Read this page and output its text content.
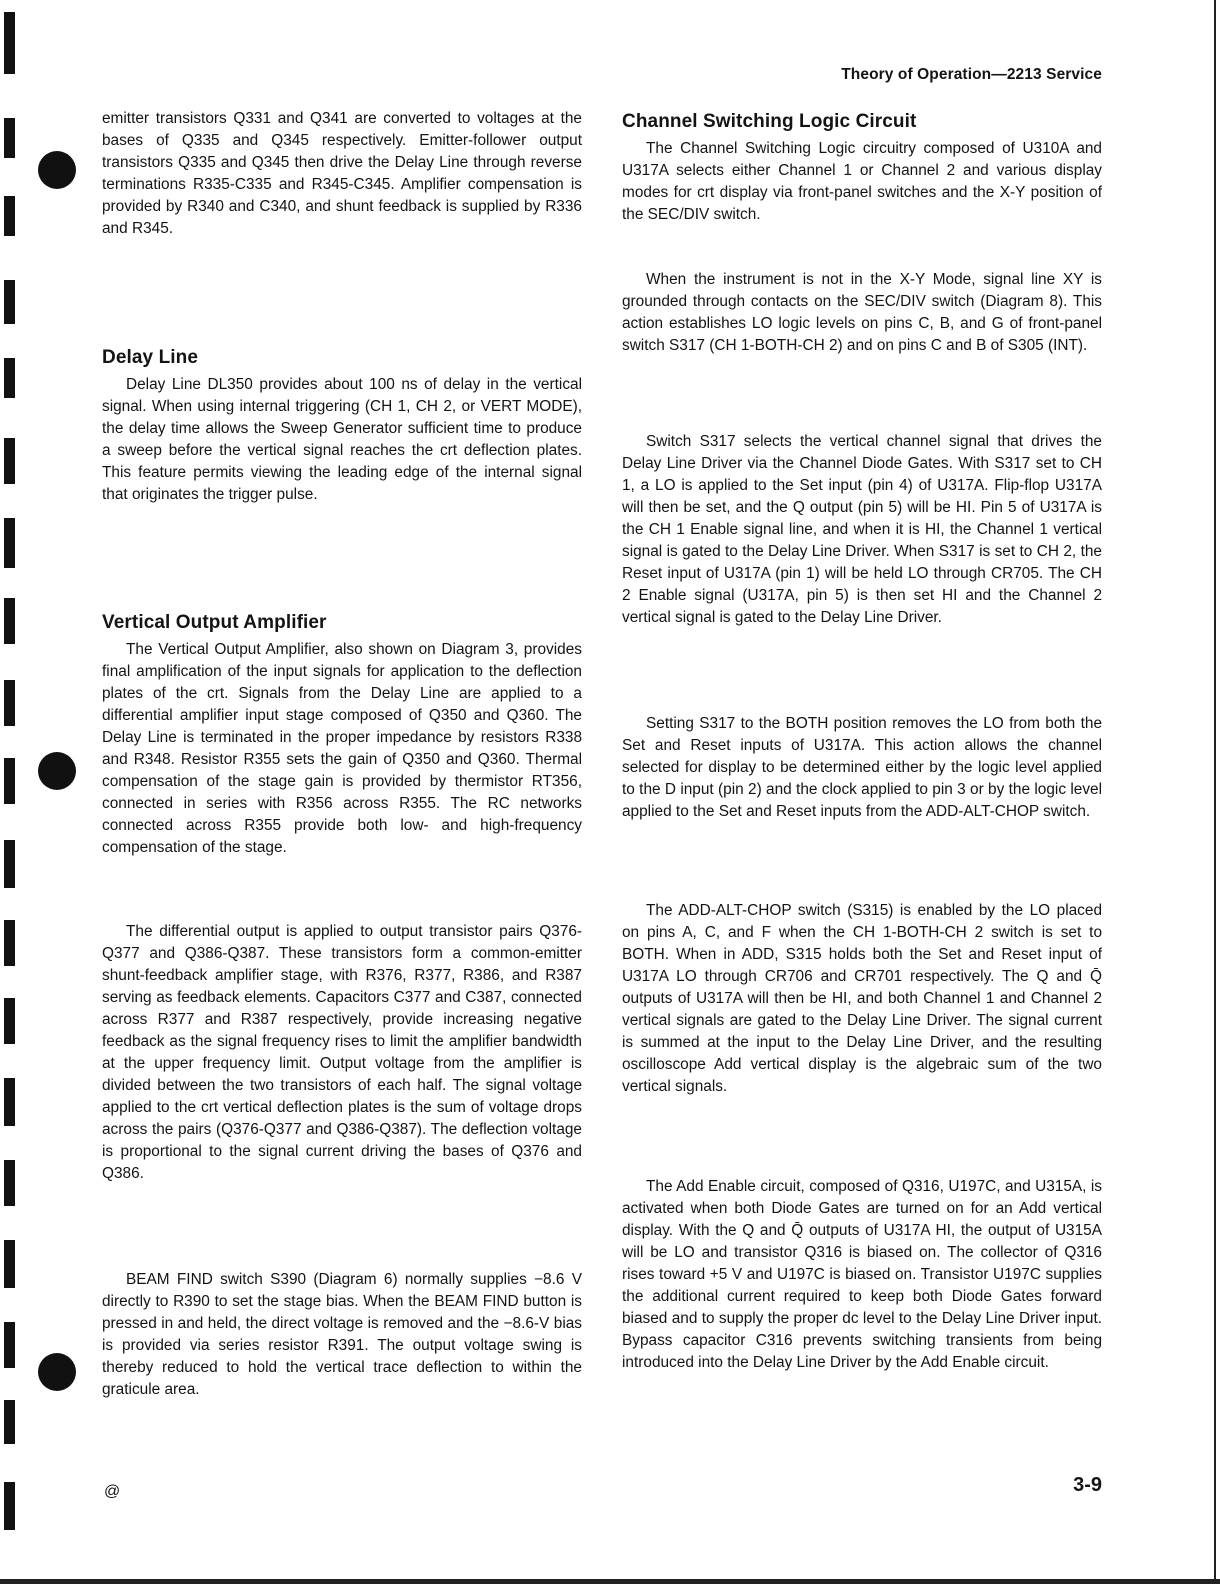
Theory of Operation—2213 Service

emitter transistors Q331 and Q341 are converted to voltages at the bases of Q335 and Q345 respectively. Emitter-follower output transistors Q335 and Q345 then drive the Delay Line through reverse terminations R335-C335 and R345-C345. Amplifier compensation is provided by R340 and C340, and shunt feedback is supplied by R336 and R345.

Delay Line

Delay Line DL350 provides about 100 ns of delay in the vertical signal. When using internal triggering (CH 1, CH 2, or VERT MODE), the delay time allows the Sweep Generator sufficient time to produce a sweep before the vertical signal reaches the crt deflection plates. This feature permits viewing the leading edge of the internal signal that originates the trigger pulse.

Vertical Output Amplifier

The Vertical Output Amplifier, also shown on Diagram 3, provides final amplification of the input signals for application to the deflection plates of the crt. Signals from the Delay Line are applied to a differential amplifier input stage composed of Q350 and Q360. The Delay Line is terminated in the proper impedance by resistors R338 and R348. Resistor R355 sets the gain of Q350 and Q360. Thermal compensation of the stage gain is provided by thermistor RT356, connected in series with R356 across R355. The RC networks connected across R355 provide both low- and high-frequency compensation of the stage.

The differential output is applied to output transistor pairs Q376-Q377 and Q386-Q387. These transistors form a common-emitter shunt-feedback amplifier stage, with R376, R377, R386, and R387 serving as feedback elements. Capacitors C377 and C387, connected across R377 and R387 respectively, provide increasing negative feedback as the signal frequency rises to limit the amplifier bandwidth at the upper frequency limit. Output voltage from the amplifier is divided between the two transistors of each half. The signal voltage applied to the crt vertical deflection plates is the sum of voltage drops across the pairs (Q376-Q377 and Q386-Q387). The deflection voltage is proportional to the signal current driving the bases of Q376 and Q386.

BEAM FIND switch S390 (Diagram 6) normally supplies −8.6 V directly to R390 to set the stage bias. When the BEAM FIND button is pressed in and held, the direct voltage is removed and the −8.6-V bias is provided via series resistor R391. The output voltage swing is thereby reduced to hold the vertical trace deflection to within the graticule area.

Channel Switching Logic Circuit

The Channel Switching Logic circuitry composed of U310A and U317A selects either Channel 1 or Channel 2 and various display modes for crt display via front-panel switches and the X-Y position of the SEC/DIV switch.

When the instrument is not in the X-Y Mode, signal line XY is grounded through contacts on the SEC/DIV switch (Diagram 8). This action establishes LO logic levels on pins C, B, and G of front-panel switch S317 (CH 1-BOTH-CH 2) and on pins C and B of S305 (INT).

Switch S317 selects the vertical channel signal that drives the Delay Line Driver via the Channel Diode Gates. With S317 set to CH 1, a LO is applied to the Set input (pin 4) of U317A. Flip-flop U317A will then be set, and the Q output (pin 5) will be HI. Pin 5 of U317A is the CH 1 Enable signal line, and when it is HI, the Channel 1 vertical signal is gated to the Delay Line Driver. When S317 is set to CH 2, the Reset input of U317A (pin 1) will be held LO through CR705. The CH 2 Enable signal (U317A, pin 5) is then set HI and the Channel 2 vertical signal is gated to the Delay Line Driver.

Setting S317 to the BOTH position removes the LO from both the Set and Reset inputs of U317A. This action allows the channel selected for display to be determined either by the logic level applied to the D input (pin 2) and the clock applied to pin 3 or by the logic level applied to the Set and Reset inputs from the ADD-ALT-CHOP switch.

The ADD-ALT-CHOP switch (S315) is enabled by the LO placed on pins A, C, and F when the CH 1-BOTH-CH 2 switch is set to BOTH. When in ADD, S315 holds both the Set and Reset input of U317A LO through CR706 and CR701 respectively. The Q and Q̄ outputs of U317A will then be HI, and both Channel 1 and Channel 2 vertical signals are gated to the Delay Line Driver. The signal current is summed at the input to the Delay Line Driver, and the resulting oscilloscope Add vertical display is the algebraic sum of the two vertical signals.

The Add Enable circuit, composed of Q316, U197C, and U315A, is activated when both Diode Gates are turned on for an Add vertical display. With the Q and Q̄ outputs of U317A HI, the output of U315A will be LO and transistor Q316 is biased on. The collector of Q316 rises toward +5 V and U197C is biased on. Transistor U197C supplies the additional current required to keep both Diode Gates forward biased and to supply the proper dc level to the Delay Line Driver input. Bypass capacitor C316 prevents switching transients from being introduced into the Delay Line Driver by the Add Enable circuit.

@	3-9
